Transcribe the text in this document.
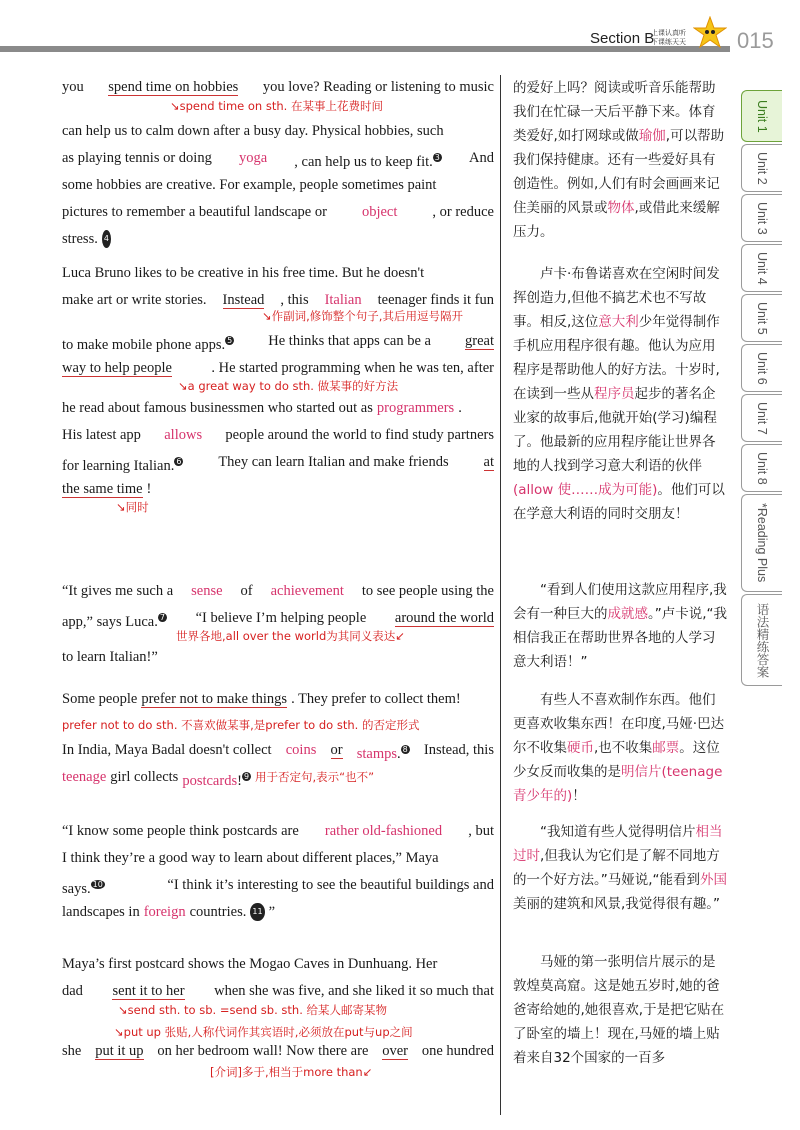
Section B
上课认真听
下课练天天 015
you spend time on hobbies you love? Reading or listening to music
↘spend time on sth. 在某事上花费时间
can help us to calm down after a busy day. Physical hobbies, such
as playing tennis or doing yoga , can help us to keep fit. $^3$ And
some hobbies are creative. For example, people sometimes paint
pictures to remember a beautiful landscape or object , or reduce
stress. 4
Luca Bruno likes to be creative in his free time. But he doesn't
make art or write stories. Instead , this Italian teenager finds it fun
↘作副词,修饰整个句子,其后用逗号隔开
to make mobile phone apps. $^5$ He thinks that apps can be a great
way to help people	. He started programming when he was ten, after
↘a great way to do sth. 做某事的好方法
he read about famous businessmen who started out as programmers .
His latest app allows people around the world to find study partners
for learning Italian. $^6$	They can learn Italian and make friends at
the same time !
↘同时
“It gives me such a sense of achievement to see people using the
app,” says Luca. $^7$ “I believe I’m helping people around the world
世界各地,all over the world为其同义表达↙
to learn Italian!”
Some people prefer not to make things . They prefer to collect them!
prefer not to do sth. 不喜欢做某事,是prefer to do sth. 的否定形式
In India, Maya Badal doesn't collect coins or stamps. $^8$ Instead, this
teenage girl collects postcards! $^9$ 用于否定句,表示“也不”
“I know some people think postcards are rather old-fashioned , but
I think they’re a good way to learn about different places,” Maya
says. $^{10}$	“I think it’s interesting to see the beautiful buildings and
landscapes in foreign countries. 11 ”
Maya’s first postcard shows the Mogao Caves in Dunhuang. Her
dad sent it to her when she was five, and she liked it so much that
↘send sth. to sb. =send sb. sth. 给某人邮寄某物
↘put up 张贴,人称代词作其宾语时,必须放在put与up之间
she put it up on her bedroom wall! Now there are over one hundred
[介词]多于,相当于more than↙
的爱好上吗？阅读或听音乐能帮助我们在忙碌一天后平静下来。体育类爱好,如打网球或做瑜伽,可以帮助我们保持健康。还有一些爱好具有创造性。例如,人们有时会画画来记住美丽的风景或物体,或借此来缓解压力。
卢卡·布鲁诺喜欢在空闲时间发挥创造力,但他不搞艺术也不写故事。相反,这位意大利少年觉得制作手机应用程序很有趣。他认为应用程序是帮助他人的好方法。十岁时,在读到一些从程序员起步的著名企业家的故事后,他就开始(学习)编程了。他最新的应用程序能让世界各地的人找到学习意大利语的伙伴(allow 使……成为可能)。他们可以在学意大利语的同时交朋友！
“看到人们使用这款应用程序,我会有一种巨大的成就感。”卢卡说,“我相信我正在帮助世界各地的人学习意大利语！”
有些人不喜欢制作东西。他们更喜欢收集东西！在印度,马娅·巴达尔不收集硬币,也不收集邮票。这位少女反而收集的是明信片(teenage 青少年的)！
“我知道有些人觉得明信片相当过时,但我认为它们是了解不同地方的一个好方法。”马娅说,“能看到外国美丽的建筑和风景,我觉得很有趣。”
马娅的第一张明信片展示的是敦煌莫高窟。这是她五岁时,她的爸爸寄给她的,她很喜欢,于是把它贴在了卧室的墙上！现在,马娅的墙上贴着来自32个国家的一百多
Unit 1
Unit 2
Unit 3
Unit 4
Unit 5
Unit 6
Unit 7
Unit 8
*Reading Plus
语法精练答案
